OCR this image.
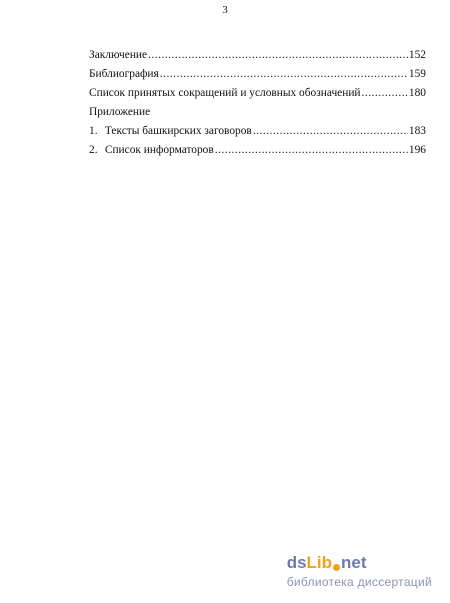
3
Заключение .....	152
Библиография .....	159
Список принятых сокращений и условных обозначений .....	180
Приложение
1. Тексты башкирских заговоров .....	183
2. Список информаторов .....	196
ds Lib net
библиотека диссертаций
